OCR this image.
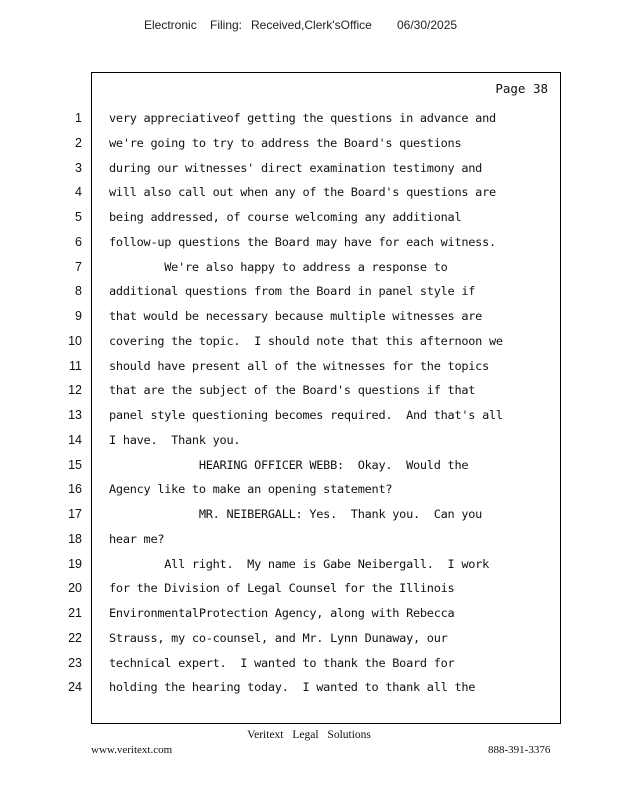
Electronic Filing: Received,Clerk'sOffice 06/30/2025
Page 38
1 very appreciativeof getting the questions in advance and
2 we're going to try to address the Board's questions
3 during our witnesses' direct examination testimony and
4 will also call out when any of the Board's questions are
5 being addressed, of course welcoming any additional
6 follow-up questions the Board may have for each witness.
7 We're also happy to address a response to
8 additional questions from the Board in panel style if
9 that would be necessary because multiple witnesses are
10 covering the topic.  I should note that this afternoon we
11 should have present all of the witnesses for the topics
12 that are the subject of the Board's questions if that
13 panel style questioning becomes required.  And that's all
14 I have.  Thank you.
15 HEARING OFFICER WEBB:  Okay.  Would the
16 Agency like to make an opening statement?
17 MR. NEIBERGALL: Yes.  Thank you.  Can you
18 hear me?
19 All right.  My name is Gabe Neibergall.  I work
20 for the Division of Legal Counsel for the Illinois
21 EnvironmentalProtection Agency, along with Rebecca
22 Strauss, my co-counsel, and Mr. Lynn Dunaway, our
23 technical expert.  I wanted to thank the Board for
24 holding the hearing today.  I wanted to thank all the
Veritext Legal Solutions
www.veritext.com	888-391-3376
